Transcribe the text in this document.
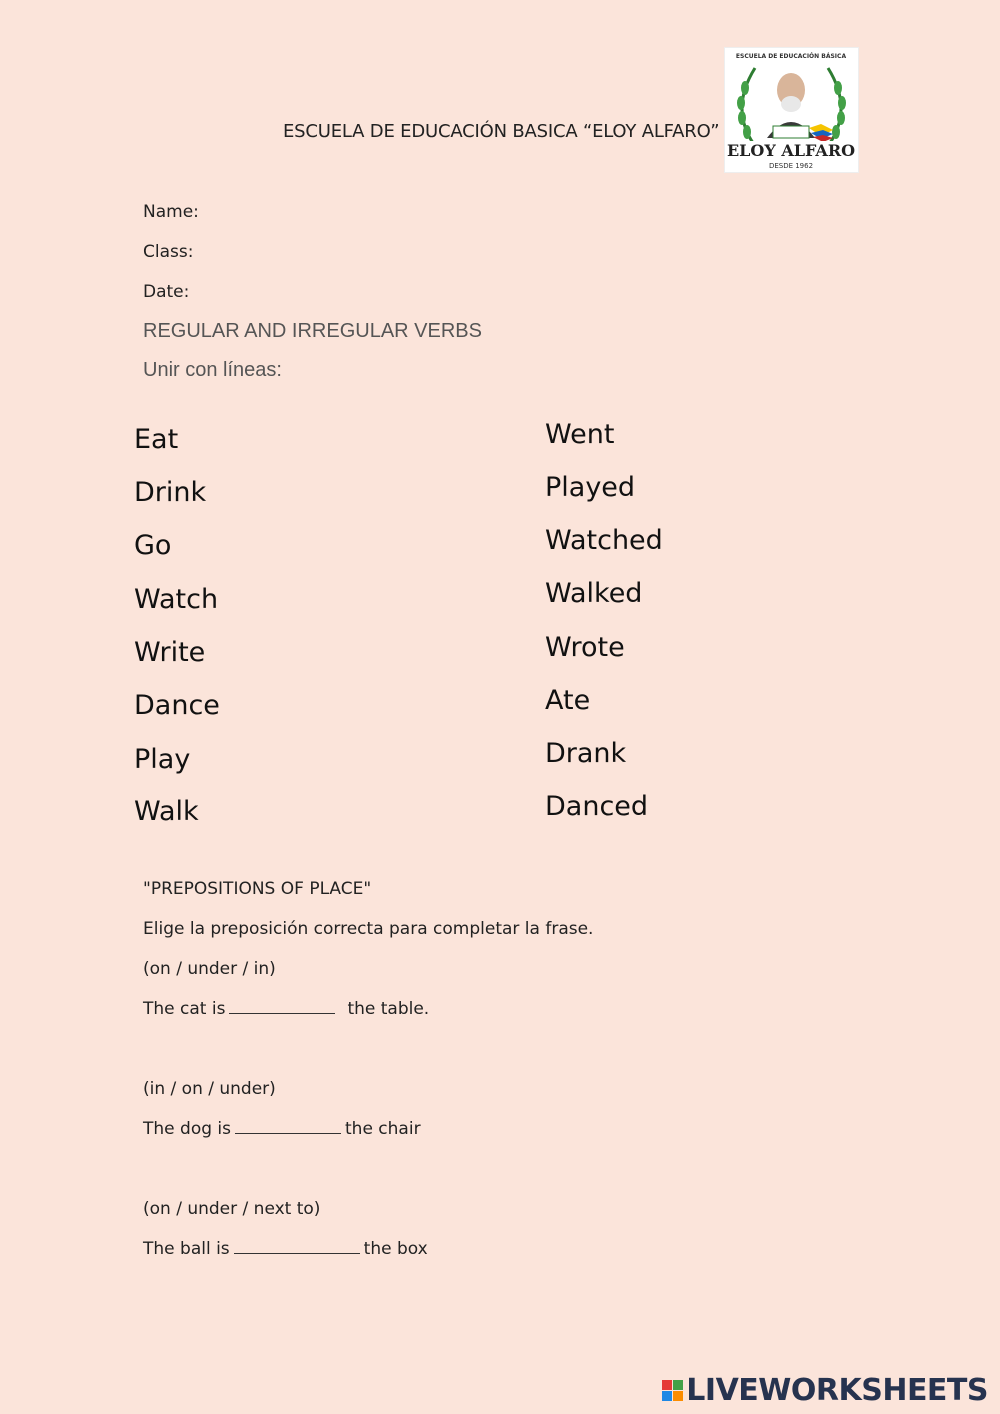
ESCUELA DE EDUCACIÓN BASICA “ELOY ALFARO”
ELOY ALFARO
DESDE 1962
ESCUELA DE EDUCACIÓN BÁSICA
Name:
Class:
Date:
REGULAR AND IRREGULAR VERBS
Unir con líneas:
Eat
Drink
Go
Watch
Write
Dance
Play
Walk
Went
Played
Watched
Walked
Wrote
Ate
Drank
Danced
"PREPOSITIONS OF PLACE"
Elige la preposición correcta para completar la frase.
(on / under / in)
The cat is	the table.
(in / on / under)
The dog is	the chair
(on / under / next to)
The ball is	the box
LIVEWORKSHEETS
